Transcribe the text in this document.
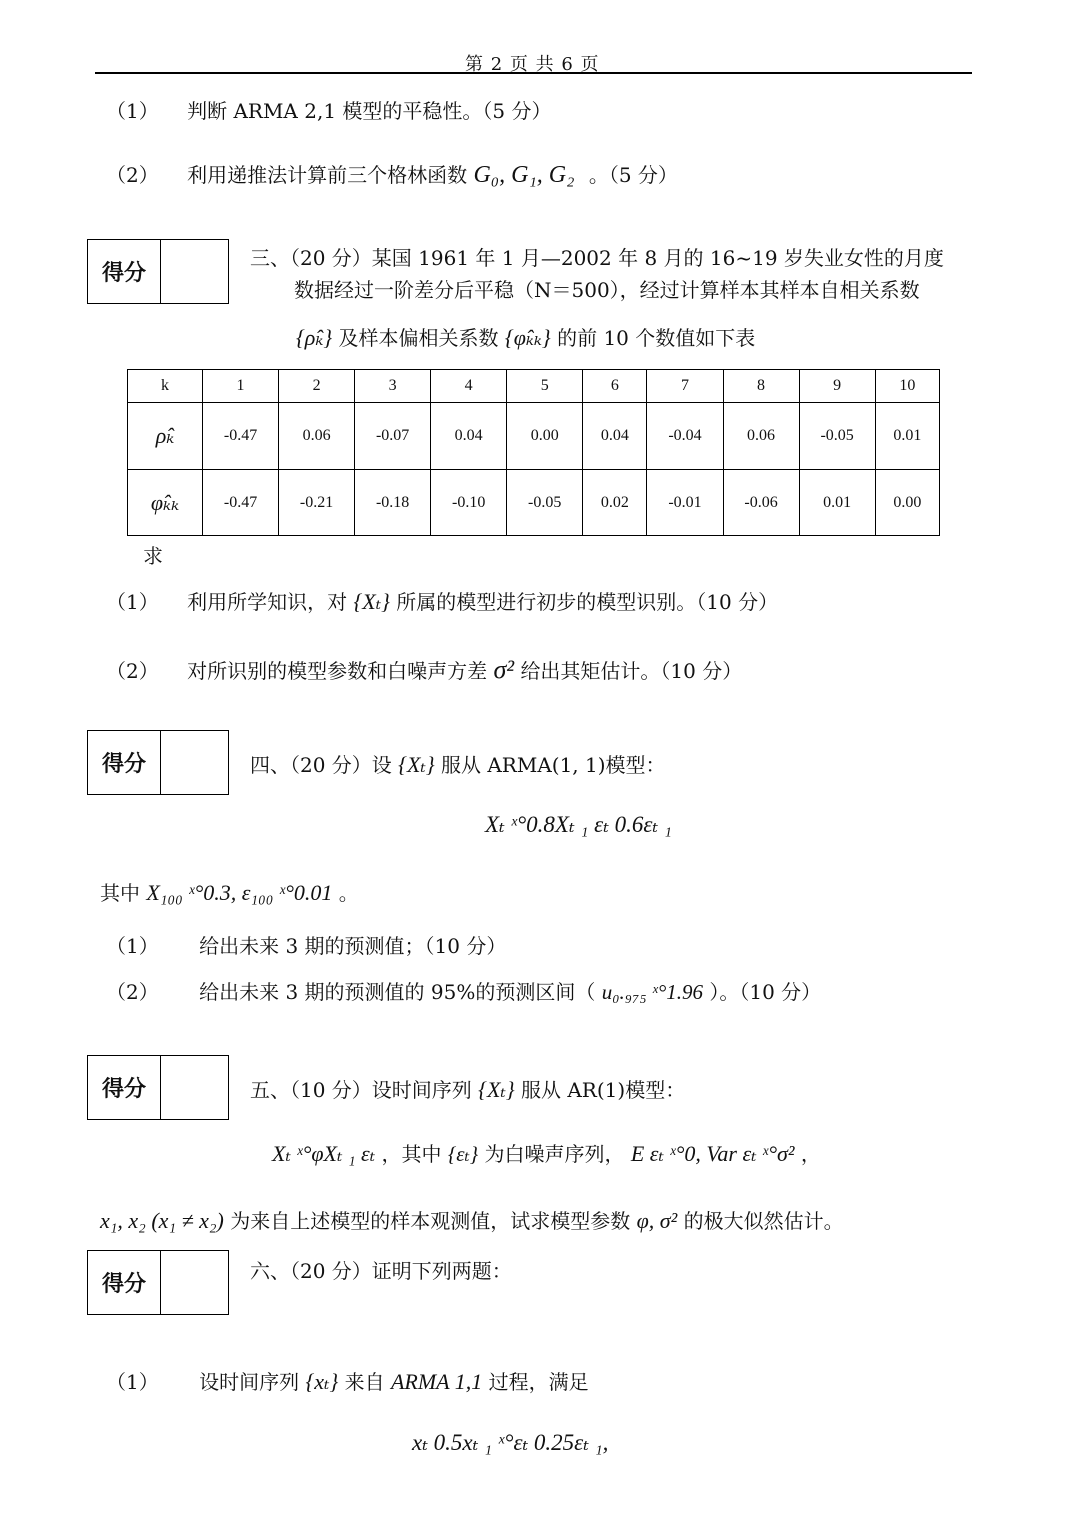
第 2 页 共 6 页
（1） 判断 ARMA 2,1 模型的平稳性。（5 分）
（2） 利用递推法计算前三个格林函数 G₀, G₁, G₂ 。（5 分）
得分
三、（20 分）某国 1961 年 1 月—2002 年 8 月的 16~19 岁失业女性的月度
数据经过一阶差分后平稳（N＝500），经过计算样本其样本自相关系数
{ρ̂ₖ} 及样本偏相关系数 {φ̂ₖₖ} 的前 10 个数值如下表
k	1	2	3	4	5	6	7	8	9	10
ρ̂ₖ	-0.47	0.06	-0.07	0.04	0.00	0.04	-0.04	0.06	-0.05	0.01
φ̂ₖₖ	-0.47	-0.21	-0.18	-0.10	-0.05	0.02	-0.01	-0.06	0.01	0.00
求
（1） 利用所学知识，对 {Xₜ} 所属的模型进行初步的模型识别。（10 分）
（2） 对所识别的模型参数和白噪声方差 σ² 给出其矩估计。（10 分）
得分	四、（20 分）设 {Xₜ} 服从 ARMA(1, 1)模型：
Xₜ ˣ°0.8Xₜ ₁ εₜ 0.6εₜ ₁
其中 X₁₀₀ ˣ°0.3, ε₁₀₀ ˣ°0.01 。
（1） 给出未来 3 期的预测值；（10 分）
（2） 给出未来 3 期的预测值的 95%的预测区间（ u₀.₉₇₅ ˣ°1.96 ）。（10 分）
得分	五、（10 分）设时间序列 {Xₜ} 服从 AR(1)模型：
Xₜ ˣ°φXₜ ₁ εₜ ，其中 {εₜ} 为白噪声序列， E εₜ ˣ°0, Var εₜ ˣ°σ² ，
x₁, x₂ (x₁ ≠ x₂) 为来自上述模型的样本观测值，试求模型参数 φ, σ² 的极大似然估计。
得分
六、（20 分）证明下列两题：
（1） 设时间序列 {xₜ} 来自 ARMA 1,1 过程，满足
xₜ 0.5xₜ ₁ ˣ°εₜ 0.25εₜ ₁,
